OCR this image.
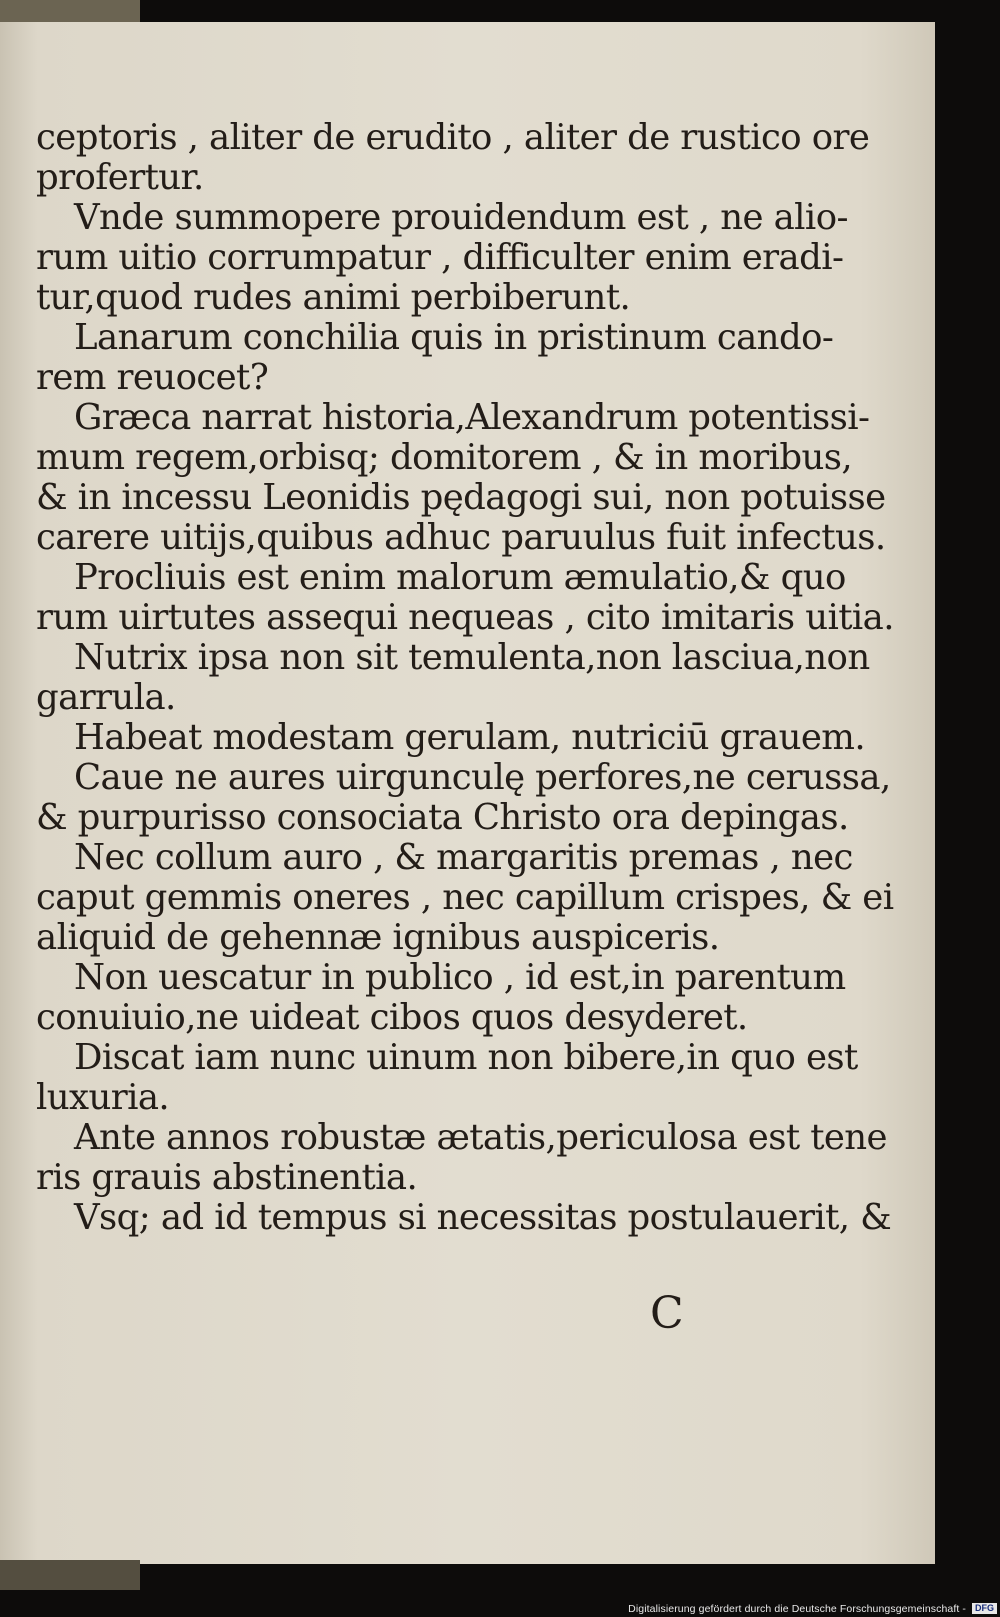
ceptoris , aliter de erudito , aliter de rustico ore

profertur.

Vnde summopere prouidendum est , ne alio-

rum uitio corrumpatur , difficulter enim eradi-

tur,quod rudes animi perbiberunt.

Lanarum conchilia quis in pristinum cando-

rem reuocet?

Græca narrat historia,Alexandrum potentissi-

mum regem,orbisq; domitorem , & in moribus,

& in incessu Leonidis pędagogi sui, non potuisse

carere uitijs,quibus adhuc paruulus fuit infectus.

Procliuis est enim malorum æmulatio,& quo

rum uirtutes assequi nequeas , cito imitaris uitia.

Nutrix ipsa non sit temulenta,non lasciua,non

garrula.

Habeat modestam gerulam, nutriciū grauem.

Caue ne aures uirgunculę perfores,ne cerussa,

& purpurisso consociata Christo ora depingas.

Nec collum auro , & margaritis premas , nec

caput gemmis oneres , nec capillum crispes, & ei

aliquid de gehennæ ignibus auspiceris.

Non uescatur in publico , id est,in parentum

conuiuio,ne uideat cibos quos desyderet.

Discat iam nunc uinum non bibere,in quo est

luxuria.

Ante annos robustæ ætatis,periculosa est tene

ris grauis abstinentia.

Vsq; ad id tempus si necessitas postulauerit, &

C
Digitalisierung gefördert durch die Deutsche Forschungsgemeinschaft -	DFG
